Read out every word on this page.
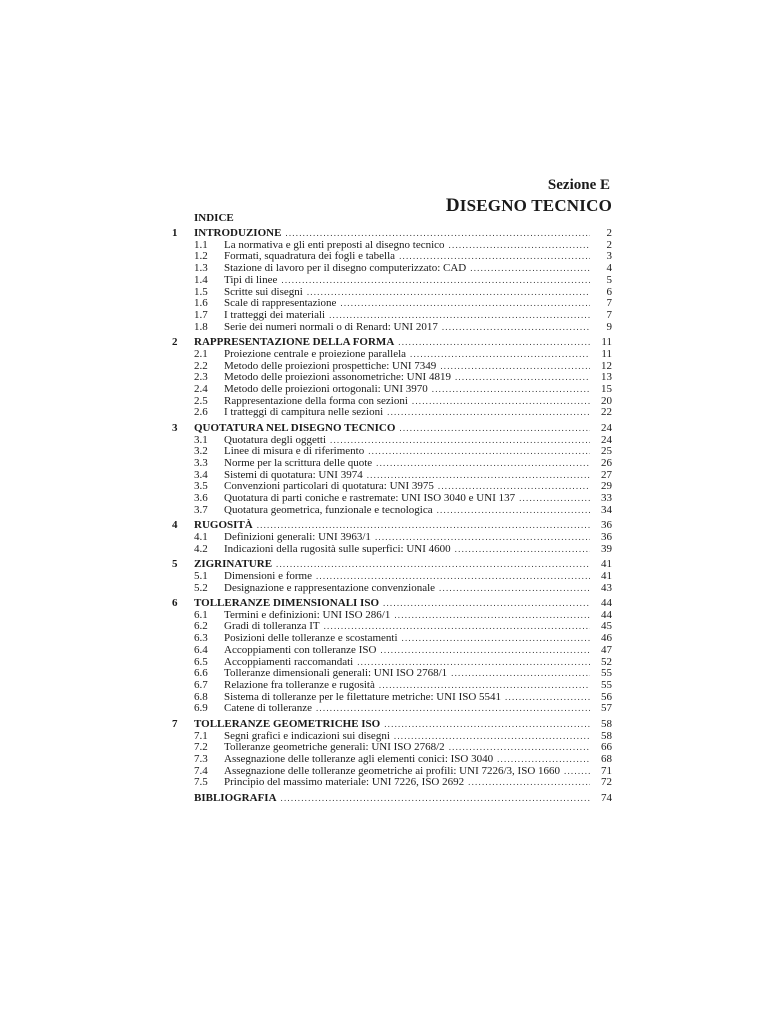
Sezione E
DISEGNO TECNICO
INDICE
1	INTRODUZIONE .....	2
1.1	La normativa e gli enti preposti al disegno tecnico .....	2
1.2	Formati, squadratura dei fogli e tabella .....	3
1.3	Stazione di lavoro per il disegno computerizzato: CAD .....	4
1.4	Tipi di linee .....	5
1.5	Scritte sui disegni .....	6
1.6	Scale di rappresentazione .....	7
1.7	I tratteggi dei materiali .....	7
1.8	Serie dei numeri normali o di Renard: UNI 2017 .....	9
2	RAPPRESENTAZIONE DELLA FORMA .....	11
2.1	Proiezione centrale e proiezione parallela .....	11
2.2	Metodo delle proiezioni prospettiche: UNI 7349 .....	12
2.3	Metodo delle proiezioni assonometriche: UNI 4819 .....	13
2.4	Metodo delle proiezioni ortogonali: UNI 3970 .....	15
2.5	Rappresentazione della forma con sezioni .....	20
2.6	I tratteggi di campitura nelle sezioni .....	22
3	QUOTATURA NEL DISEGNO TECNICO .....	24
3.1	Quotatura degli oggetti .....	24
3.2	Linee di misura e di riferimento .....	25
3.3	Norme per la scrittura delle quote .....	26
3.4	Sistemi di quotatura: UNI 3974 .....	27
3.5	Convenzioni particolari di quotatura: UNI 3975 .....	29
3.6	Quotatura di parti coniche e rastremate: UNI ISO 3040 e UNI 137 .....	33
3.7	Quotatura geometrica, funzionale e tecnologica .....	34
4	RUGOSITÀ .....	36
4.1	Definizioni generali: UNI 3963/1 .....	36
4.2	Indicazioni della rugosità sulle superfici: UNI 4600 .....	39
5	ZIGRINATURE .....	41
5.1	Dimensioni e forme .....	41
5.2	Designazione e rappresentazione convenzionale .....	43
6	TOLLERANZE DIMENSIONALI ISO .....	44
6.1	Termini e definizioni: UNI ISO 286/1 .....	44
6.2	Gradi di tolleranza IT .....	45
6.3	Posizioni delle tolleranze e scostamenti .....	46
6.4	Accoppiamenti con tolleranze ISO .....	47
6.5	Accoppiamenti raccomandati .....	52
6.6	Tolleranze dimensionali generali: UNI ISO 2768/1 .....	55
6.7	Relazione fra tolleranze e rugosità .....	55
6.8	Sistema di tolleranze per le filettature metriche: UNI ISO 5541 .....	56
6.9	Catene di tolleranze .....	57
7	TOLLERANZE GEOMETRICHE ISO .....	58
7.1	Segni grafici e indicazioni sui disegni .....	58
7.2	Tolleranze geometriche generali: UNI ISO 2768/2 .....	66
7.3	Assegnazione delle tolleranze agli elementi conici: ISO 3040 .....	68
7.4	Assegnazione delle tolleranze geometriche ai profili: UNI 7226/3, ISO 1660 .....	71
7.5	Principio del massimo materiale: UNI 7226, ISO 2692 .....	72
BIBLIOGRAFIA .....	74
